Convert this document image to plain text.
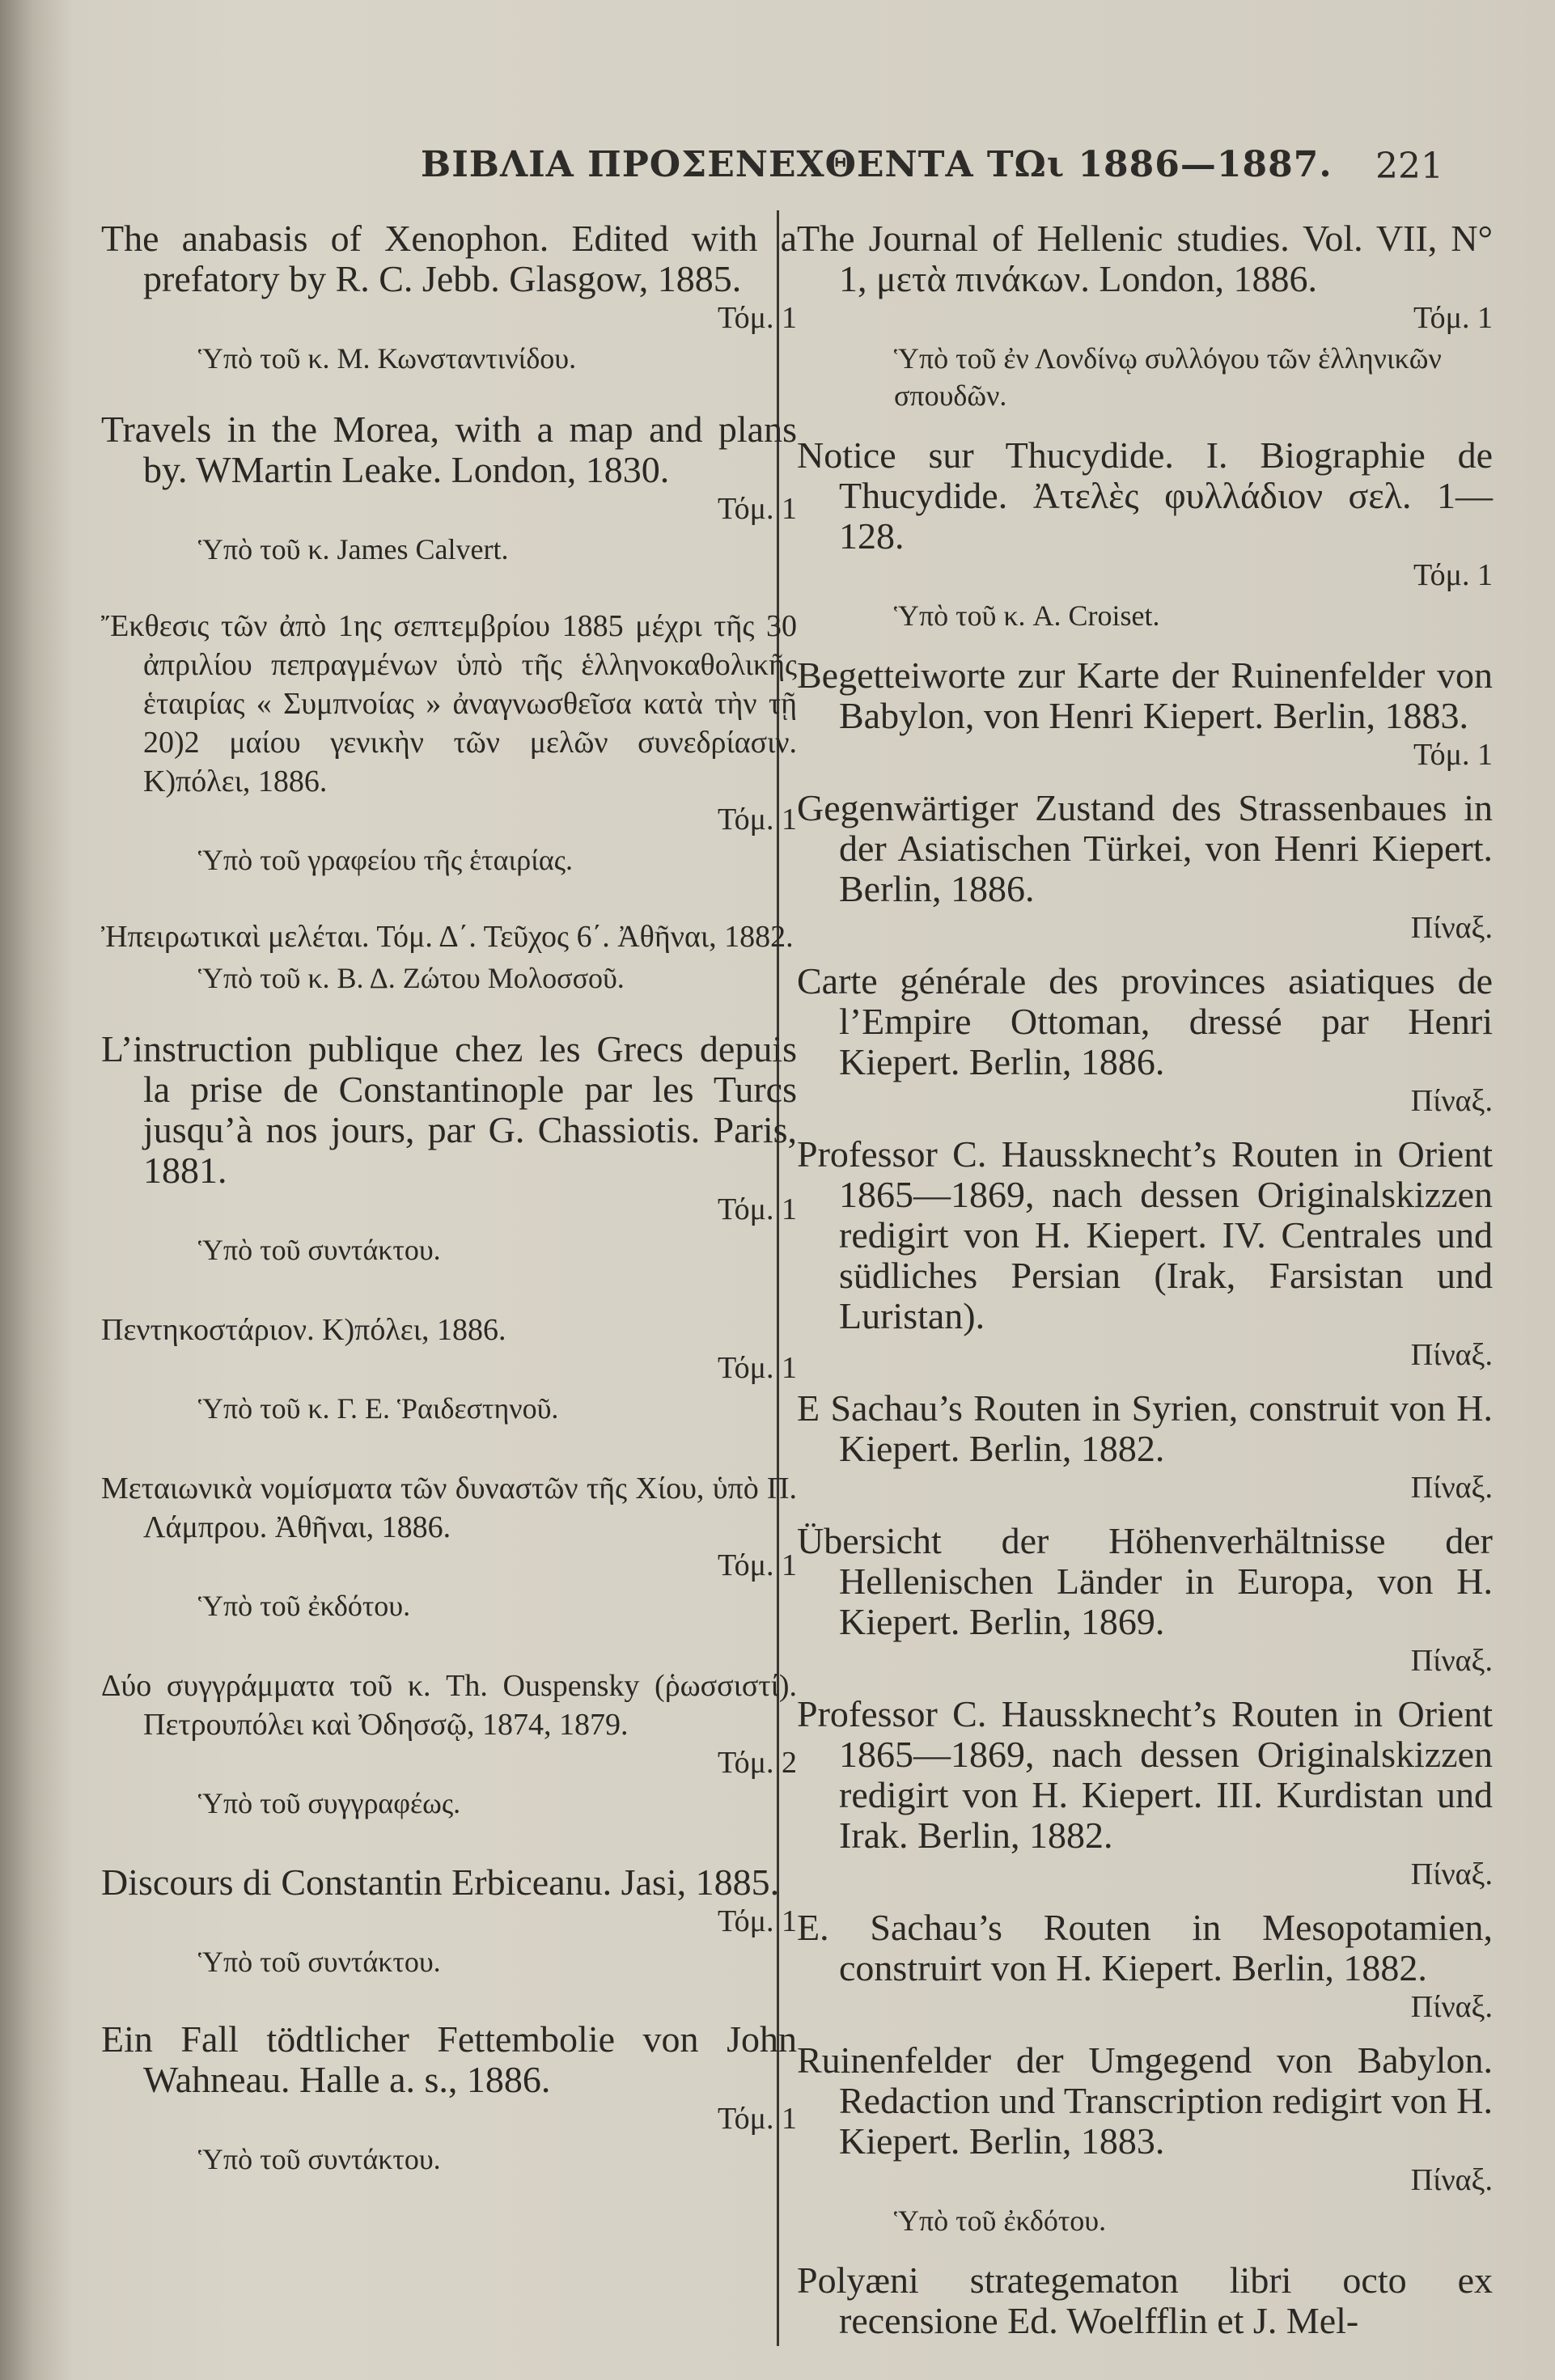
ΒΙΒΛΙΑ ΠΡΟΣΕΝΕΧΘΕΝΤΑ ΤΩι 1886—1887. 221

The anabasis of Xenophon. Edited with a prefatory by R. C. Jebb. Glasgow, 1885.

Τόμ. 1

Ὑπὸ τοῦ κ. Μ. Κωνσταντινίδου.

Travels in the Morea, with a map and plans by. WMartin Leake. London, 1830.

Τόμ. 1

Ὑπὸ τοῦ κ. James Calvert.

Ἔκθεσις τῶν ἀπὸ 1ης σεπτεμβρίου 1885 μέχρι τῆς 30 ἀπριλίου πεπραγμένων ὑπὸ τῆς ἑλληνοκαθολικῆς ἑταιρίας « Συμπνοίας » ἀναγνωσθεῖσα κατὰ τὴν τῇ 20)2 μαίου γενικὴν τῶν μελῶν συνεδρίασιν. Κ)πόλει, 1886.

Τόμ. 1

Ὑπὸ τοῦ γραφείου τῆς ἑταιρίας.

Ἠπειρωτικαὶ μελέται. Τόμ. Δ΄. Τεῦχος 6΄. Ἀθῆναι, 1882.

Ὑπὸ τοῦ κ. Β. Δ. Ζώτου Μολοσσοῦ.

L’instruction publique chez les Grecs depuis la prise de Constantinople par les Turcs jusqu’à nos jours, par G. Chassiotis. Paris, 1881.

Τόμ. 1

Ὑπὸ τοῦ συντάκτου.

Πεντηκοστάριον. Κ)πόλει, 1886.

Τόμ. 1

Ὑπὸ τοῦ κ. Γ. Ε. Ῥαιδεστηνοῦ.

Μεταιωνικὰ νομίσματα τῶν δυναστῶν τῆς Χίου, ὑπὸ Π. Λάμπρου. Ἀθῆναι, 1886.

Τόμ. 1

Ὑπὸ τοῦ ἐκδότου.

Δύο συγγράμματα τοῦ κ. Th. Ouspensky (ῥωσσιστί). Πετρουπόλει καὶ Ὀδησσῷ, 1874, 1879.

Τόμ. 2

Ὑπὸ τοῦ συγγραφέως.

Discours di Constantin Erbiceanu. Jasi, 1885.

Τόμ. 1

Ὑπὸ τοῦ συντάκτου.

Ein Fall tödtlicher Fettembolie von John Wahneau. Halle a. s., 1886.

Τόμ. 1

Ὑπὸ τοῦ συντάκτου.

The Journal of Hellenic studies. Vol. VII, N° 1, μετὰ πινάκων. London, 1886.

Τόμ. 1

Ὑπὸ τοῦ ἐν Λονδίνῳ συλλόγου τῶν ἑλληνικῶν σπουδῶν.

Notice sur Thucydide. I. Biographie de Thucydide. Ἀτελὲς φυλλάδιον σελ. 1—128.

Τόμ. 1

Ὑπὸ τοῦ κ. A. Croiset.

Begetteiworte zur Karte der Ruinenfelder von Babylon, von Henri Kiepert. Berlin, 1883.

Τόμ. 1

Gegenwärtiger Zustand des Strassenbaues in der Asiatischen Türkei, von Henri Kiepert. Berlin, 1886.

Πίναξ.

Carte générale des provinces asiatiques de l’Empire Ottoman, dressé par Henri Kiepert. Berlin, 1886.

Πίναξ.

Professor C. Haussknecht’s Routen in Orient 1865—1869, nach dessen Originalskizzen redigirt von H. Kiepert. IV. Centrales und südliches Persian (Irak, Farsistan und Luristan).

Πίναξ.

E Sachau’s Routen in Syrien, construit von H. Kiepert. Berlin, 1882.

Πίναξ.

Übersicht der Höhenverhältnisse der Hellenischen Länder in Europa, von H. Kiepert. Berlin, 1869.

Πίναξ.

Professor C. Haussknecht’s Routen in Orient 1865—1869, nach dessen Originalskizzen redigirt von H. Kiepert. III. Kurdistan und Irak. Berlin, 1882.

Πίναξ.

E. Sachau’s Routen in Mesopotamien, construirt von H. Kiepert. Berlin, 1882.

Πίναξ.

Ruinenfelder der Umgegend von Babylon. Redaction und Transcription redigirt von H. Kiepert. Berlin, 1883.

Πίναξ.

Ὑπὸ τοῦ ἐκδότου.

Polyæni strategematon libri octo ex recensione Ed. Woelfflin et J. Mel-
